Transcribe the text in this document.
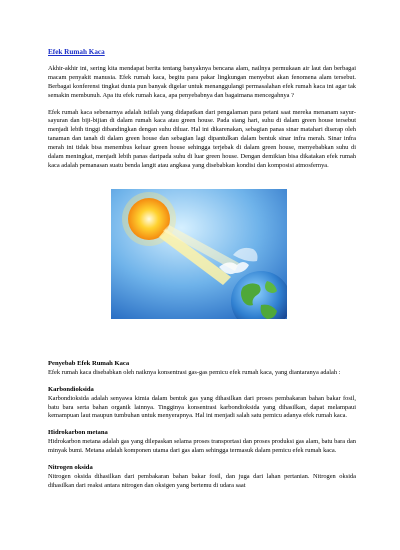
Efek Rumah Kaca

Akhir-akhir ini, sering kita mendapat berita tentang banyaknya bencana alam, nailnya permukaan air laut dan berbagai macam penyakit manusia. Efek rumah kaca, begitu para pakar lingkungan menyebut akan fenomena alam tersebut. Berbagai konferensi tingkat dunia pun banyak digelar untuk menanggulangi permasalahan efek rumah kaca ini agar tak semakin membunuh. Apa itu efek rumah kaca, apa penyebabnya dan bagaimana mencegahnya ?

Efek rumah kaca sebenarnya adalah istilah yang didapatkan dari pengalaman para petani saat mereka menanam sayur-sayuran dan biji-bijian di dalam rumah kaca atau green house. Pada siang hari, suhu di dalam green house tersebut menjadi lebih tinggi dibandingkan dengan suhu diluar. Hal ini dikarenakan, sebagian panas sinar matahari diserap oleh tanaman dan tanah di dalam green house dan sebagian lagi dipantulkan dalam bentuk sinar infra merah. Sinar infra merah ini tidak bisa menembus keluar green house sehingga terjebak di dalam green house, menyebabkan suhu di dalam meningkat, menjadi lebih panas daripada suhu di luar green house. Dengan demikian bisa dikatakan efek rumah kaca adalah pemanasan suatu benda langit atau angkasa yang disebabkan kondisi dan komposisi atmosfernya.

Penyebab Efek Rumah Kaca

Efek rumah kaca disebabkan oleh naiknya konsentrasi gas-gas pemicu efek rumah kaca, yang diantaranya adalah :

Karbondioksida

Karbondioksida adalah senyawa kimia dalam bentuk gas yang dihasilkan dari proses pembakaran bahan bakar fosil, batu bara serta bahan organik lainnya. Tingginya konsentrasi karbondioksida yang dihasilkan, dapat melampaui kemampuan laut maupun tumbuhan untuk menyerapnya. Hal ini menjadi salah satu pemicu adanya efek rumah kaca.

Hidrokarbon metana

Hidrokarbon metana adalah gas yang dilepaskan selama proses transportasi dan proses produksi gas alam, batu bara dan minyak bumi. Metana adalah komponen utama dari gas alam sehingga termasuk dalam pemicu efek rumah kaca.

Nitrogen oksida

Nitrogen oksida dihasilkan dari pembakaran bahan bakar fosil, dan juga dari lahan pertanian. Nitrogen oksida dihasilkan dari reaksi antara nitrogen dan oksigen yang bertemu di udara saat
